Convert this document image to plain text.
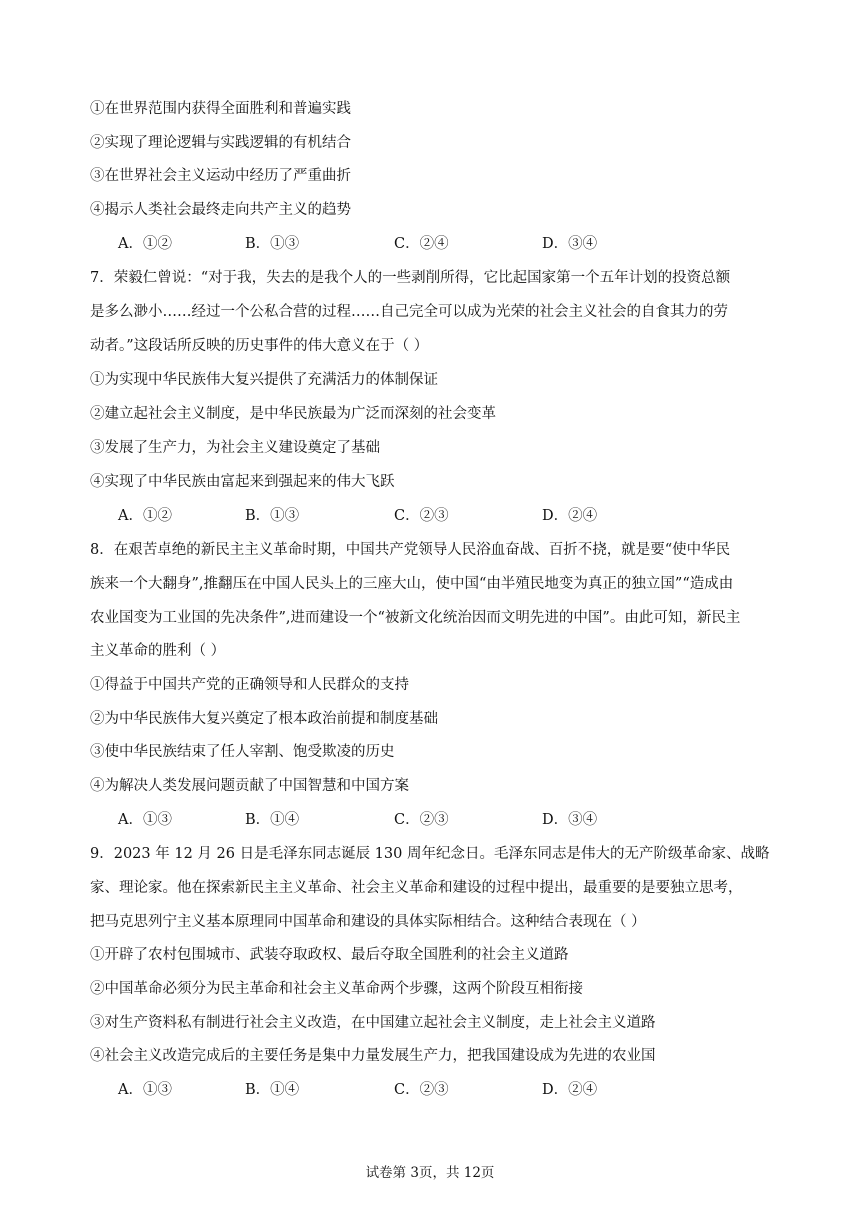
①在世界范围内获得全面胜利和普遍实践
②实现了理论逻辑与实践逻辑的有机结合
③在世界社会主义运动中经历了严重曲折
④揭示人类社会最终走向共产主义的趋势
A．①②	B．①③	C．②④	D．③④
7．荣毅仁曾说：“对于我，失去的是我个人的一些剥削所得，它比起国家第一个五年计划的投资总额
是多么渺小……经过一个公私合营的过程……自己完全可以成为光荣的社会主义社会的自食其力的劳
动者。”这段话所反映的历史事件的伟大意义在于（ ）
①为实现中华民族伟大复兴提供了充满活力的体制保证
②建立起社会主义制度，是中华民族最为广泛而深刻的社会变革
③发展了生产力，为社会主义建设奠定了基础
④实现了中华民族由富起来到强起来的伟大飞跃
A．①②	B．①③	C．②③	D．②④
8．在艰苦卓绝的新民主主义革命时期，中国共产党领导人民浴血奋战、百折不挠，就是要“使中华民
族来一个大翻身”,推翻压在中国人民头上的三座大山，使中国“由半殖民地变为真正的独立国”“造成由
农业国变为工业国的先决条件”,进而建设一个“被新文化统治因而文明先进的中国”。由此可知，新民主
主义革命的胜利（ ）
①得益于中国共产党的正确领导和人民群众的支持
②为中华民族伟大复兴奠定了根本政治前提和制度基础
③使中华民族结束了任人宰割、饱受欺凌的历史
④为解决人类发展问题贡献了中国智慧和中国方案
A．①③	B．①④	C．②③	D．③④
9．2023 年 12 月 26 日是毛泽东同志诞辰 130 周年纪念日。毛泽东同志是伟大的无产阶级革命家、战略
家、理论家。他在探索新民主主义革命、社会主义革命和建设的过程中提出，最重要的是要独立思考，
把马克思列宁主义基本原理同中国革命和建设的具体实际相结合。这种结合表现在（ ）
①开辟了农村包围城市、武装夺取政权、最后夺取全国胜利的社会主义道路
②中国革命必须分为民主革命和社会主义革命两个步骤，这两个阶段互相衔接
③对生产资料私有制进行社会主义改造，在中国建立起社会主义制度，走上社会主义道路
④社会主义改造完成后的主要任务是集中力量发展生产力，把我国建设成为先进的农业国
A．①③	B．①④	C．②③	D．②④
试卷第 3页，共 12页
